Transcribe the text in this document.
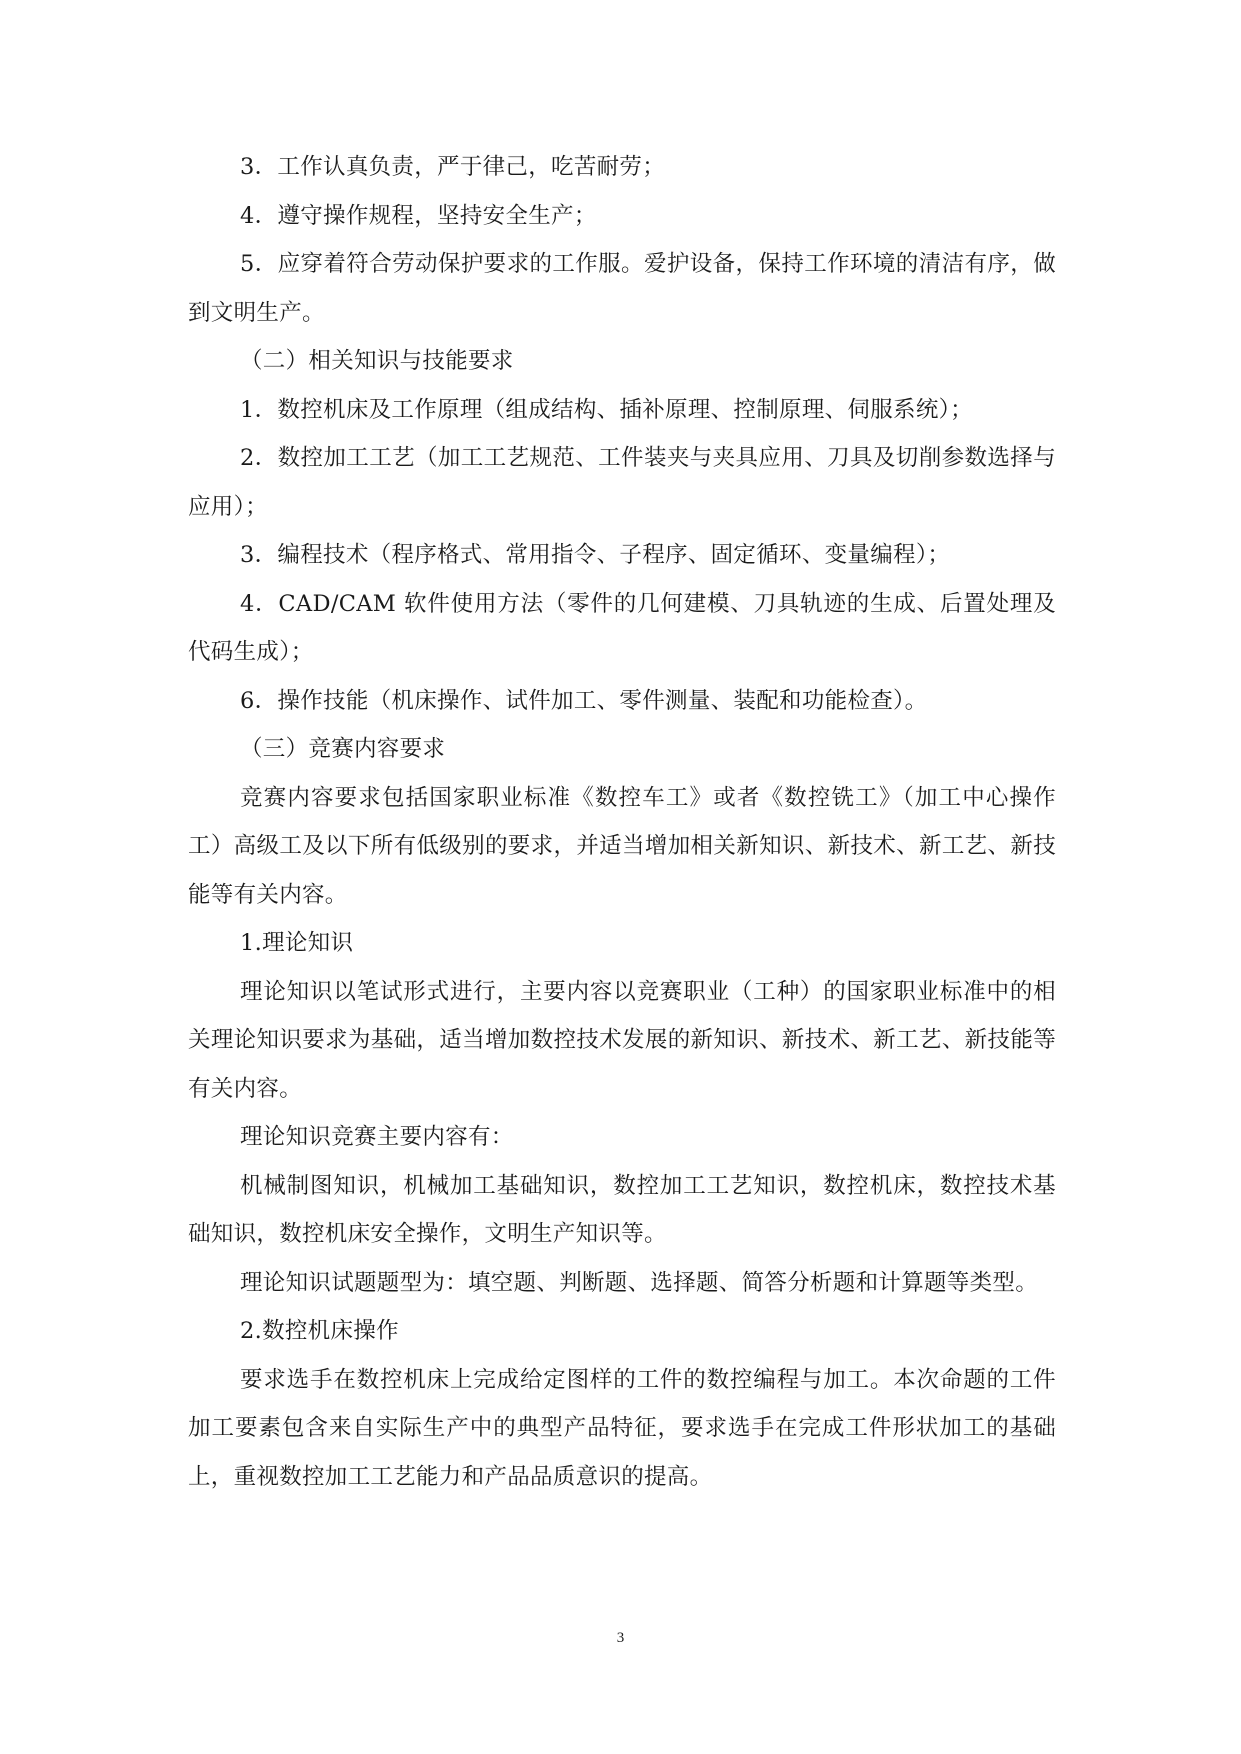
3．工作认真负责，严于律己，吃苦耐劳；

4．遵守操作规程，坚持安全生产；

5．应穿着符合劳动保护要求的工作服。爱护设备，保持工作环境的清洁有序，做到文明生产。

（二）相关知识与技能要求

1．数控机床及工作原理（组成结构、插补原理、控制原理、伺服系统）；

2．数控加工工艺（加工工艺规范、工件装夹与夹具应用、刀具及切削参数选择与应用）；

3．编程技术（程序格式、常用指令、子程序、固定循环、变量编程）；

4．CAD/CAM 软件使用方法（零件的几何建模、刀具轨迹的生成、后置处理及代码生成）；

6．操作技能（机床操作、试件加工、零件测量、装配和功能检查）。

（三）竞赛内容要求

竞赛内容要求包括国家职业标准《数控车工》或者《数控铣工》（加工中心操作工）高级工及以下所有低级别的要求，并适当增加相关新知识、新技术、新工艺、新技能等有关内容。

1.理论知识

理论知识以笔试形式进行，主要内容以竞赛职业（工种）的国家职业标准中的相关理论知识要求为基础，适当增加数控技术发展的新知识、新技术、新工艺、新技能等有关内容。

理论知识竞赛主要内容有：

机械制图知识，机械加工基础知识，数控加工工艺知识，数控机床，数控技术基础知识，数控机床安全操作，文明生产知识等。

理论知识试题题型为：填空题、判断题、选择题、简答分析题和计算题等类型。

2.数控机床操作

要求选手在数控机床上完成给定图样的工件的数控编程与加工。本次命题的工件加工要素包含来自实际生产中的典型产品特征，要求选手在完成工件形状加工的基础上，重视数控加工工艺能力和产品品质意识的提高。

3
